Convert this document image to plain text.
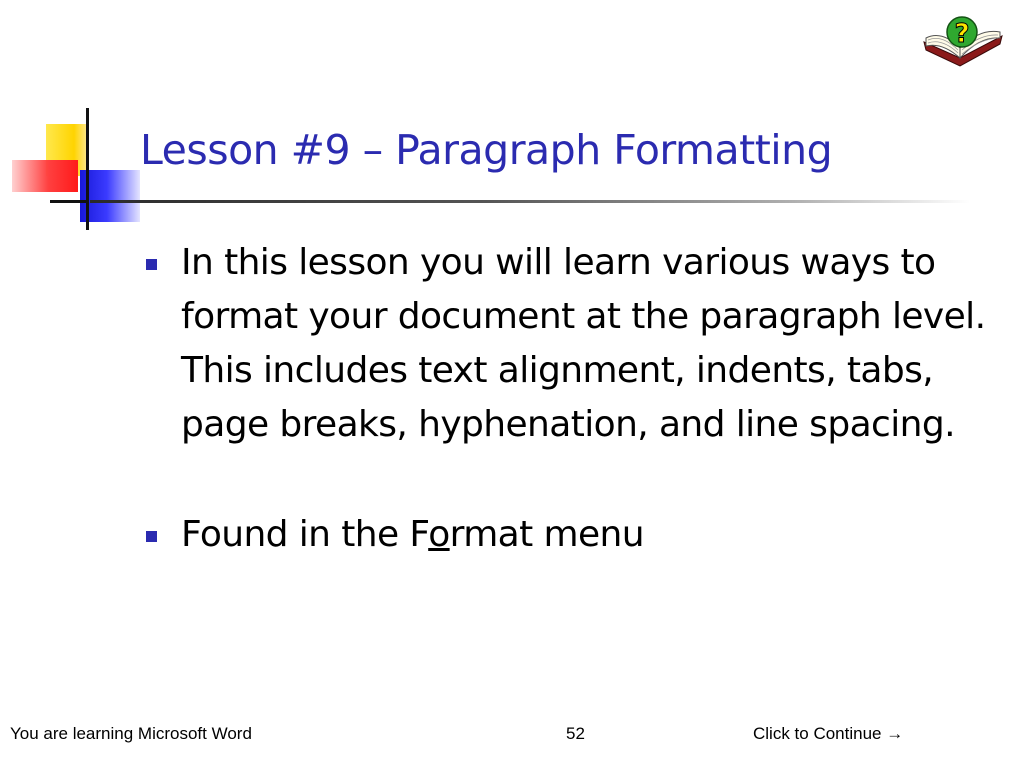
Lesson #9 – Paragraph Formatting
?
In this lesson you will learn various ways to format your document at the paragraph level. This includes text alignment, indents, tabs, page breaks, hyphenation, and line spacing.
Found in the Format menu
You are learning Microsoft Word	52	Click to Continue →
